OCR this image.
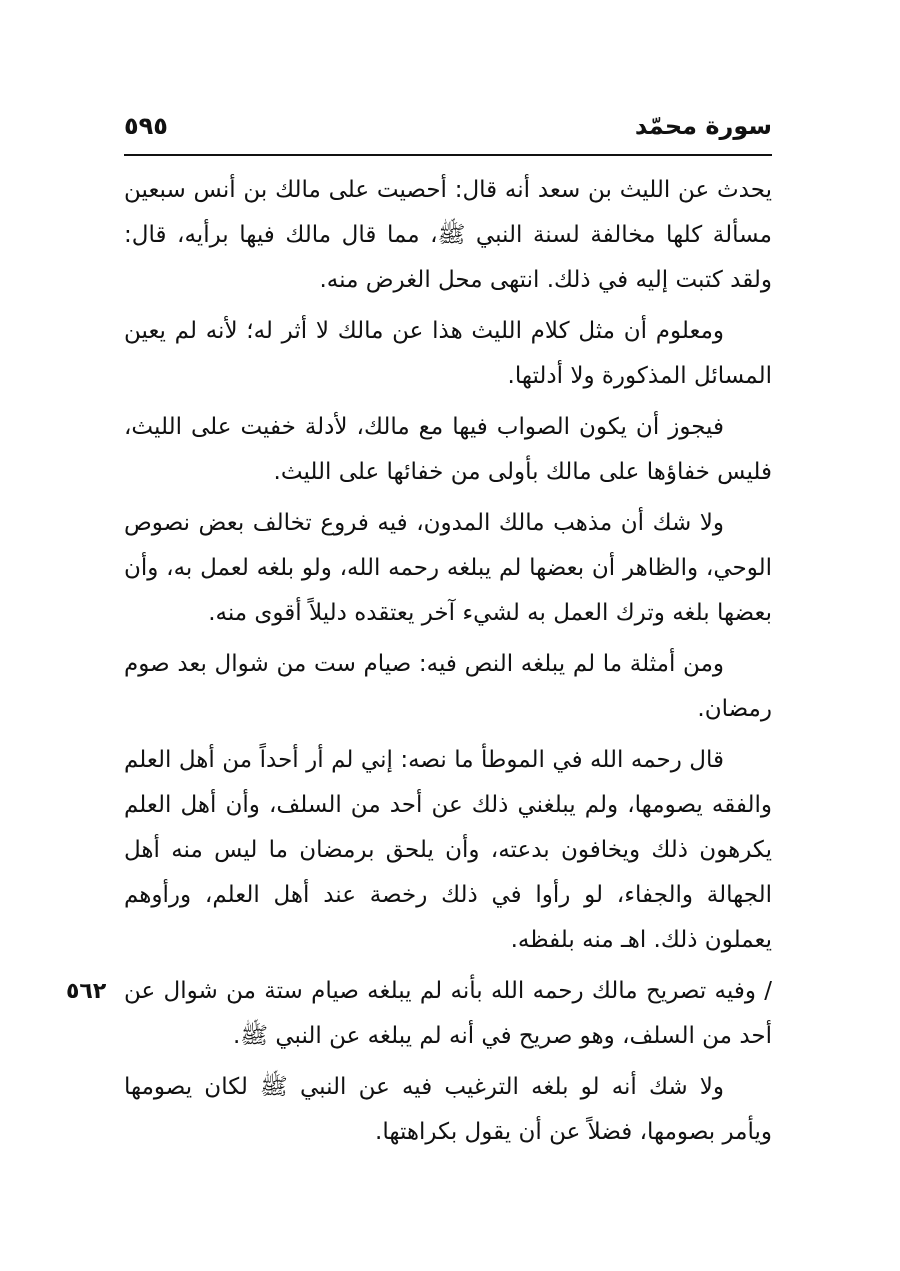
سورة محمّد
٥٩٥

يحدث عن الليث بن سعد أنه قال: أحصيت على مالك بن أنس سبعين مسألة كلها مخالفة لسنة النبي ﷺ، مما قال مالك فيها برأيه، قال: ولقد كتبت إليه في ذلك. انتهى محل الغرض منه.

ومعلوم أن مثل كلام الليث هذا عن مالك لا أثر له؛ لأنه لم يعين المسائل المذكورة ولا أدلتها.

فيجوز أن يكون الصواب فيها مع مالك، لأدلة خفيت على الليث، فليس خفاؤها على مالك بأولى من خفائها على الليث.

ولا شك أن مذهب مالك المدون، فيه فروع تخالف بعض نصوص الوحي، والظاهر أن بعضها لم يبلغه رحمه الله، ولو بلغه لعمل به، وأن بعضها بلغه وترك العمل به لشيء آخر يعتقده دليلاً أقوى منه.

ومن أمثلة ما لم يبلغه النص فيه: صيام ست من شوال بعد صوم رمضان.

قال رحمه الله في الموطأ ما نصه: إني لم أر أحداً من أهل العلم والفقه يصومها، ولم يبلغني ذلك عن أحد من السلف، وأن أهل العلم يكرهون ذلك ويخافون بدعته، وأن يلحق برمضان ما ليس منه أهل الجهالة والجفاء، لو رأوا في ذلك رخصة عند أهل العلم، ورأوهم يعملون ذلك. اهـ منه بلفظه.

٥٦٢ / وفيه تصريح مالك رحمه الله بأنه لم يبلغه صيام ستة من شوال عن أحد من السلف، وهو صريح في أنه لم يبلغه عن النبي ﷺ.

ولا شك أنه لو بلغه الترغيب فيه عن النبي ﷺ لكان يصومها ويأمر بصومها، فضلاً عن أن يقول بكراهتها.
